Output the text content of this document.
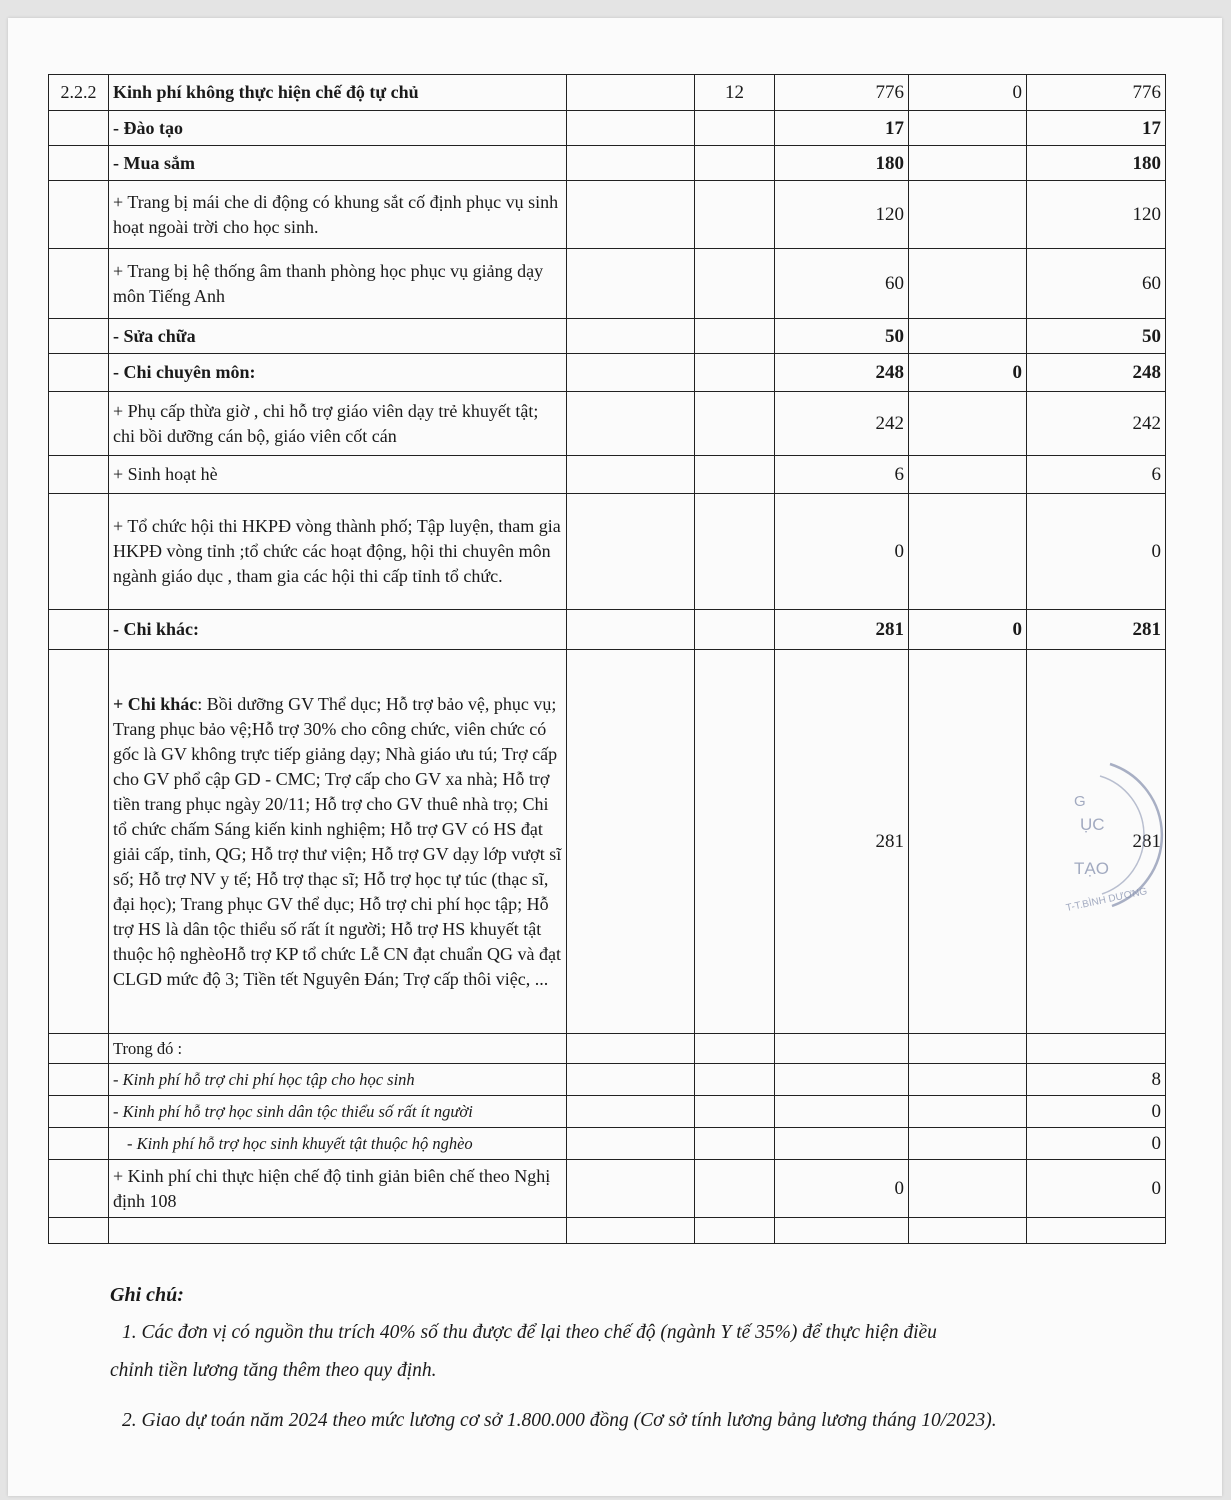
2.2.2	Kinh phí không thực hiện chế độ tự chủ		12	776	0	776
	- Đào tạo			17		17
	- Mua sắm			180		180
	+ Trang bị mái che di động có khung sắt cố định phục vụ sinh hoạt ngoài trời cho học sinh.			120		120
	+ Trang bị hệ thống âm thanh phòng học phục vụ giảng dạy môn Tiếng Anh			60		60
	- Sửa chữa			50		50
	- Chi chuyên môn:			248	0	248
	+ Phụ cấp thừa giờ , chi hỗ trợ giáo viên dạy trẻ khuyết tật; chi bồi dưỡng cán bộ, giáo viên cốt cán			242		242
	+ Sinh hoạt hè			6		6
	+ Tổ chức hội thi HKPĐ vòng thành phố; Tập luyện, tham gia HKPĐ vòng tỉnh ;tổ chức các hoạt động, hội thi chuyên môn ngành giáo dục , tham gia các hội thi cấp tỉnh tổ chức.			0		0
	- Chi khác:			281	0	281
	+ Chi khác: Bồi dưỡng GV Thể dục; Hỗ trợ bảo vệ, phục vụ; Trang phục bảo vệ;Hỗ trợ 30% cho công chức, viên chức có gốc là GV không trực tiếp giảng dạy; Nhà giáo ưu tú; Trợ cấp cho GV phổ cập GD - CMC; Trợ cấp cho GV xa nhà; Hỗ trợ tiền trang phục ngày 20/11; Hỗ trợ cho GV thuê nhà trọ; Chi tổ chức chấm Sáng kiến kinh nghiệm; Hỗ trợ GV có HS đạt giải cấp, tỉnh, QG; Hỗ trợ thư viện; Hỗ trợ GV dạy lớp vượt sĩ số; Hỗ trợ NV y tế; Hỗ trợ thạc sĩ; Hỗ trợ học tự túc (thạc sĩ, đại học); Trang phục GV thể dục; Hỗ trợ chi phí học tập; Hỗ trợ HS là dân tộc thiểu số rất ít người; Hỗ trợ HS khuyết tật thuộc hộ nghèoHỗ trợ KP tổ chức Lễ CN đạt chuẩn QG và đạt CLGD mức độ 3; Tiền tết Nguyên Đán; Trợ cấp thôi việc, ...			281		281
	Trong đó :					
	- Kinh phí hỗ trợ chi phí học tập cho học sinh					8
	- Kinh phí hỗ trợ học sinh dân tộc thiểu số rất ít người					0
	- Kinh phí hỗ trợ học sinh khuyết tật thuộc hộ nghèo					0
	+ Kinh phí chi thực hiện chế độ tinh giản biên chế theo Nghị định 108			0		0

G
ỤC
TẠO
T-T.BÌNH DƯƠNG

Ghi chú:

1. Các đơn vị có nguồn thu trích 40% số thu được để lại theo chế độ (ngành Y tế 35%) để thực hiện điều

chỉnh tiền lương tăng thêm theo quy định.

2. Giao dự toán năm 2024 theo mức lương cơ sở 1.800.000 đồng (Cơ sở tính lương bảng lương tháng 10/2023).
